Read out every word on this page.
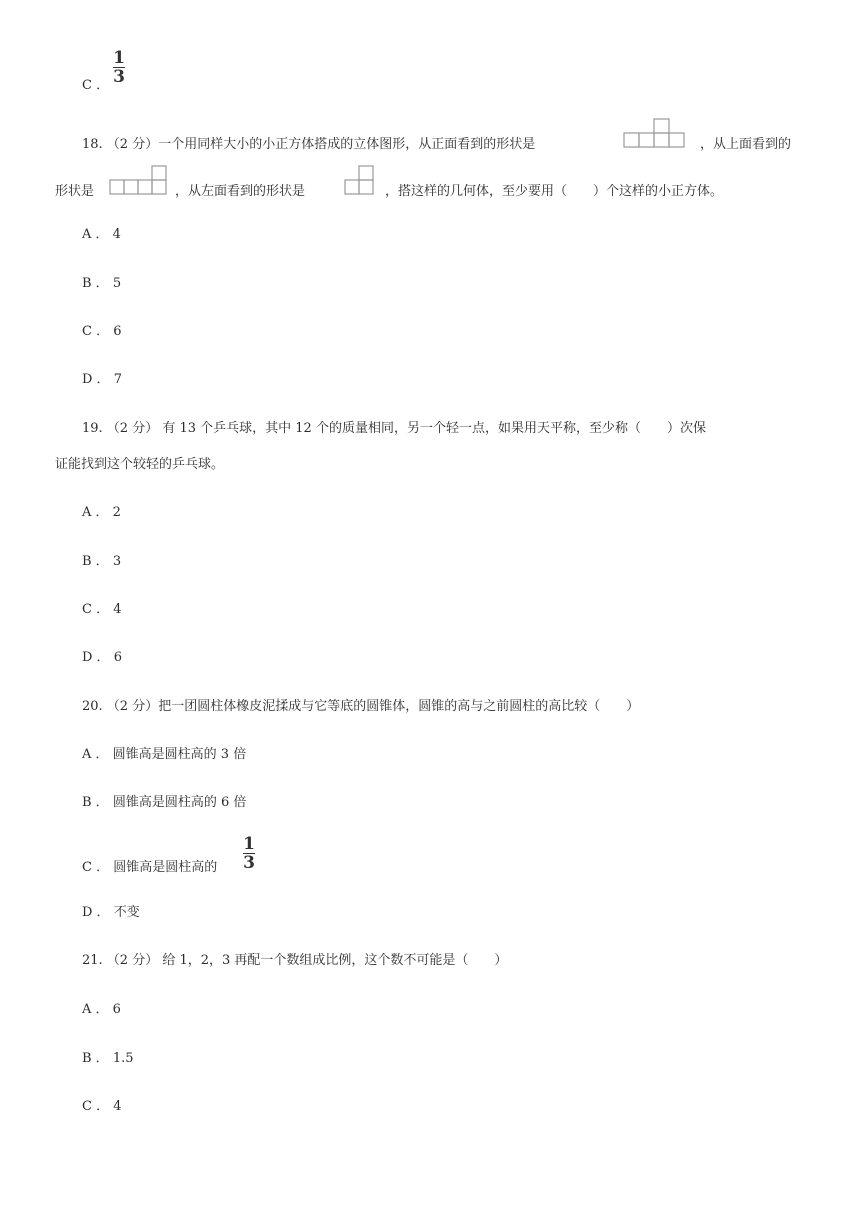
C ．
1
3
18. （2 分）一个用同样大小的小正方体搭成的立体图形，从正面看到的形状是	，从上面看到的
形状是	，从左面看到的形状是	，搭这样的几何体，至少要用（　　）个这样的小正方体。
A ． 4
B ． 5
C ． 6
D ． 7
19. （2 分） 有 13 个乒乓球，其中 12 个的质量相同，另一个轻一点，如果用天平称，至少称（　　）次保
证能找到这个较轻的乒乓球。
A ． 2
B ． 3
C ． 4
D ． 6
20. （2 分）把一团圆柱体橡皮泥揉成与它等底的圆锥体，圆锥的高与之前圆柱的高比较（　　）
A ． 圆锥高是圆柱高的 3 倍
B ． 圆锥高是圆柱高的 6 倍
C ． 圆锥高是圆柱高的
1
3
D ． 不变
21. （2 分） 给 1，2，3 再配一个数组成比例，这个数不可能是（　　）
A ． 6
B ． 1.5
C ． 4
